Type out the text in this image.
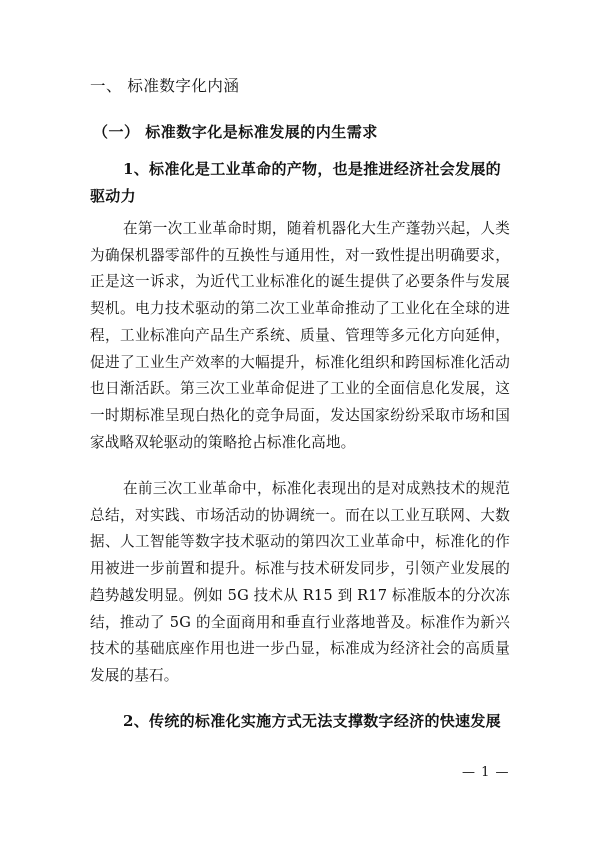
一、 标准数字化内涵
（一） 标准数字化是标准发展的内生需求
1、标准化是工业革命的产物，也是推进经济社会发展的驱动力
在第一次工业革命时期，随着机器化大生产蓬勃兴起，人类为确保机器零部件的互换性与通用性，对一致性提出明确要求，正是这一诉求，为近代工业标准化的诞生提供了必要条件与发展契机。电力技术驱动的第二次工业革命推动了工业化在全球的进程，工业标准向产品生产系统、质量、管理等多元化方向延伸，促进了工业生产效率的大幅提升，标准化组织和跨国标准化活动也日渐活跃。第三次工业革命促进了工业的全面信息化发展，这一时期标准呈现白热化的竞争局面，发达国家纷纷采取市场和国家战略双轮驱动的策略抢占标准化高地。
在前三次工业革命中，标准化表现出的是对成熟技术的规范总结，对实践、市场活动的协调统一。而在以工业互联网、大数据、人工智能等数字技术驱动的第四次工业革命中，标准化的作用被进一步前置和提升。标准与技术研发同步，引领产业发展的趋势越发明显。例如 5G 技术从 R15 到 R17 标准版本的分次冻结，推动了 5G 的全面商用和垂直行业落地普及。标准作为新兴技术的基础底座作用也进一步凸显，标准成为经济社会的高质量发展的基石。
2、传统的标准化实施方式无法支撑数字经济的快速发展
— 1 —
